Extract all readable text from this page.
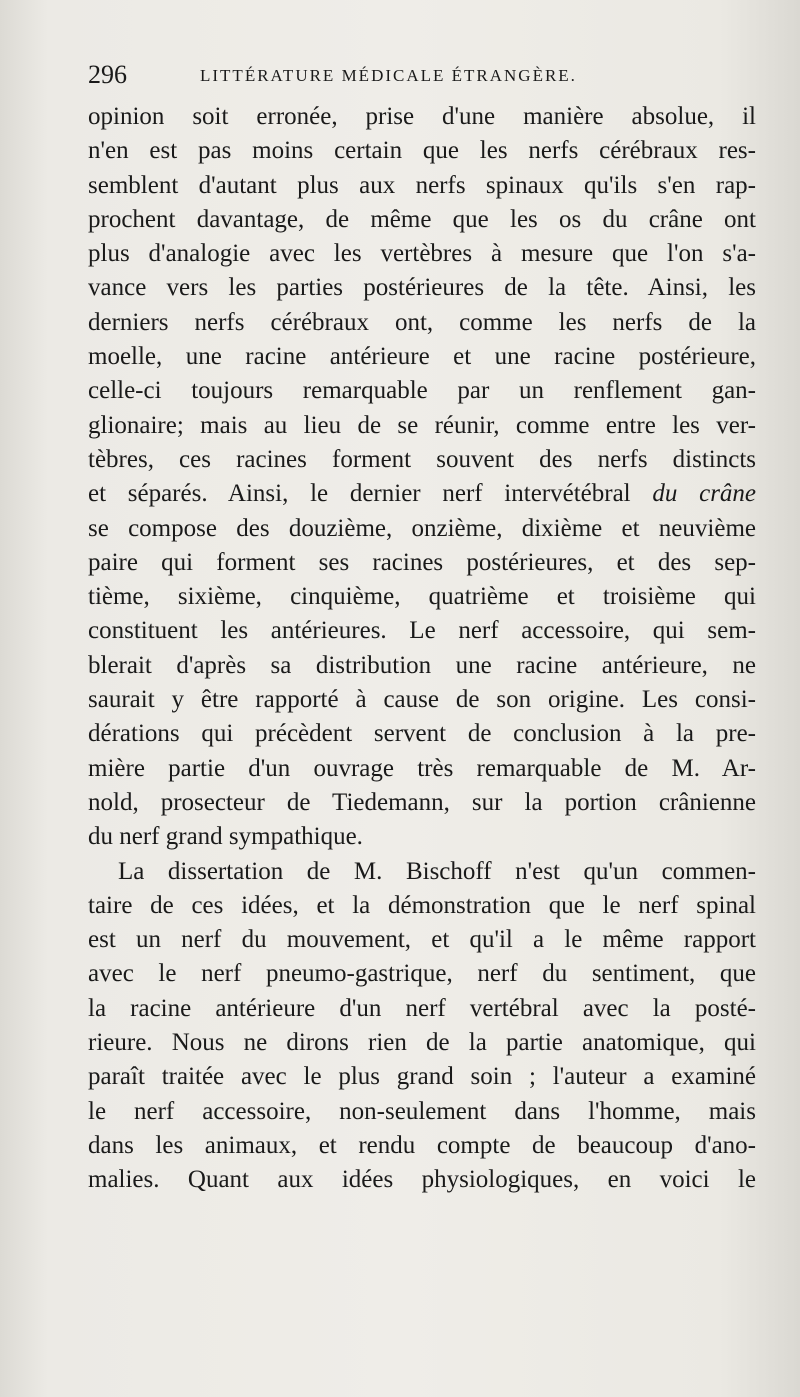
296	LITTÉRATURE MÉDICALE ÉTRANGÈRE.
opinion soit erronée, prise d'une manière absolue, il
n'en est pas moins certain que les nerfs cérébraux res-
semblent d'autant plus aux nerfs spinaux qu'ils s'en rap-
prochent davantage, de même que les os du crâne ont
plus d'analogie avec les vertèbres à mesure que l'on s'a-
vance vers les parties postérieures de la tête. Ainsi, les
derniers nerfs cérébraux ont, comme les nerfs de la
moelle, une racine antérieure et une racine postérieure,
celle-ci toujours remarquable par un renflement gan-
glionaire; mais au lieu de se réunir, comme entre les ver-
tèbres, ces racines forment souvent des nerfs distincts
et séparés. Ainsi, le dernier nerf intervétébral du crâne
se compose des douzième, onzième, dixième et neuvième
paire qui forment ses racines postérieures, et des sep-
tième, sixième, cinquième, quatrième et troisième qui
constituent les antérieures. Le nerf accessoire, qui sem-
blerait d'après sa distribution une racine antérieure, ne
saurait y être rapporté à cause de son origine. Les consi-
dérations qui précèdent servent de conclusion à la pre-
mière partie d'un ouvrage très remarquable de M. Ar-
nold, prosecteur de Tiedemann, sur la portion crânienne
du nerf grand sympathique.
La dissertation de M. Bischoff n'est qu'un commen-
taire de ces idées, et la démonstration que le nerf spinal
est un nerf du mouvement, et qu'il a le même rapport
avec le nerf pneumo-gastrique, nerf du sentiment, que
la racine antérieure d'un nerf vertébral avec la posté-
rieure. Nous ne dirons rien de la partie anatomique, qui
paraît traitée avec le plus grand soin ; l'auteur a examiné
le nerf accessoire, non-seulement dans l'homme, mais
dans les animaux, et rendu compte de beaucoup d'ano-
malies. Quant aux idées physiologiques, en voici le
